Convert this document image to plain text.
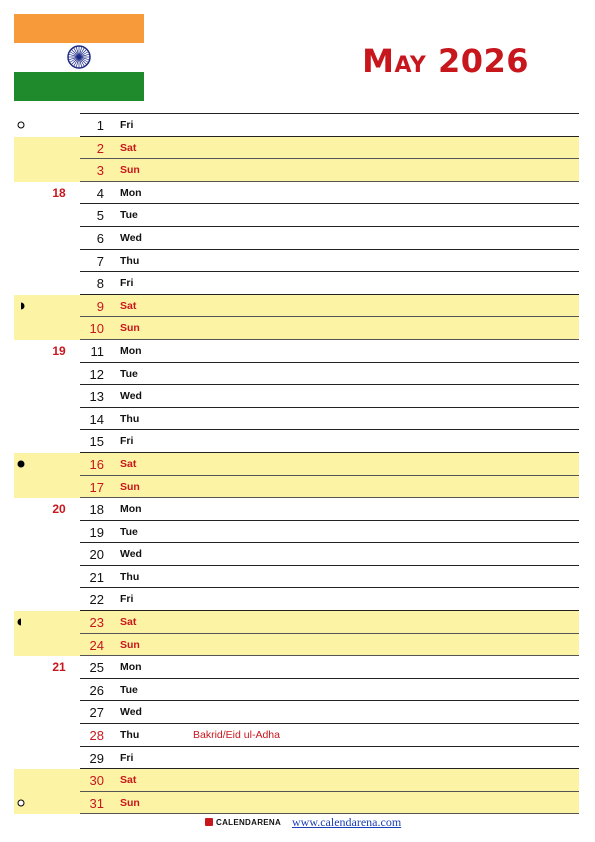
May 2026
1 Fri
2 Sat
3 Sun
4 Mon
18
5 Tue
6 Wed
7 Thu
8 Fri
9 Sat
10 Sun
11 Mon
19
12 Tue
13 Wed
14 Thu
15 Fri
16 Sat
17 Sun
18 Mon
20
19 Tue
20 Wed
21 Thu
22 Fri
23 Sat
24 Sun
25 Mon
21
26 Tue
27 Wed
28 Thu	Bakrid/Eid ul-Adha
29 Fri
30 Sat
31 Sun
CALENDARENA www.calendarena.com
